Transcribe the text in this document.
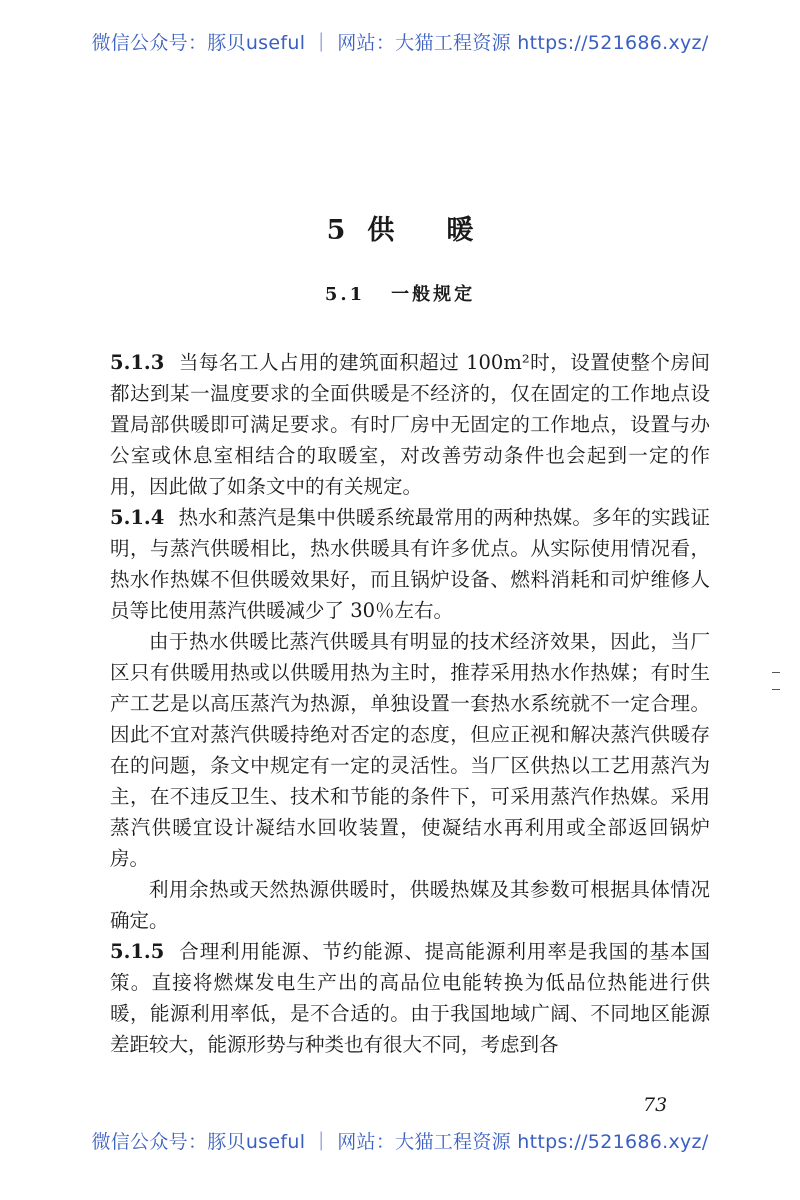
微信公众号：豚贝useful ｜ 网站：大猫工程资源 https://521686.xyz/
5 供 暖
5.1 一般规定

5.1.3 当每名工人占用的建筑面积超过 100m²时，设置使整个房间都达到某一温度要求的全面供暖是不经济的，仅在固定的工作地点设置局部供暖即可满足要求。有时厂房中无固定的工作地点，设置与办公室或休息室相结合的取暖室，对改善劳动条件也会起到一定的作用，因此做了如条文中的有关规定。

5.1.4 热水和蒸汽是集中供暖系统最常用的两种热媒。多年的实践证明，与蒸汽供暖相比，热水供暖具有许多优点。从实际使用情况看，热水作热媒不但供暖效果好，而且锅炉设备、燃料消耗和司炉维修人员等比使用蒸汽供暖减少了 30％左右。

由于热水供暖比蒸汽供暖具有明显的技术经济效果，因此，当厂区只有供暖用热或以供暖用热为主时，推荐采用热水作热媒；有时生产工艺是以高压蒸汽为热源，单独设置一套热水系统就不一定合理。因此不宜对蒸汽供暖持绝对否定的态度，但应正视和解决蒸汽供暖存在的问题，条文中规定有一定的灵活性。当厂区供热以工艺用蒸汽为主，在不违反卫生、技术和节能的条件下，可采用蒸汽作热媒。采用蒸汽供暖宜设计凝结水回收装置，使凝结水再利用或全部返回锅炉房。

利用余热或天然热源供暖时，供暖热媒及其参数可根据具体情况确定。

5.1.5 合理利用能源、节约能源、提高能源利用率是我国的基本国策。直接将燃煤发电生产出的高品位电能转换为低品位热能进行供暖，能源利用率低，是不合适的。由于我国地域广阔、不同地区能源差距较大，能源形势与种类也有很大不同，考虑到各

73
微信公众号：豚贝useful ｜ 网站：大猫工程资源 https://521686.xyz/
